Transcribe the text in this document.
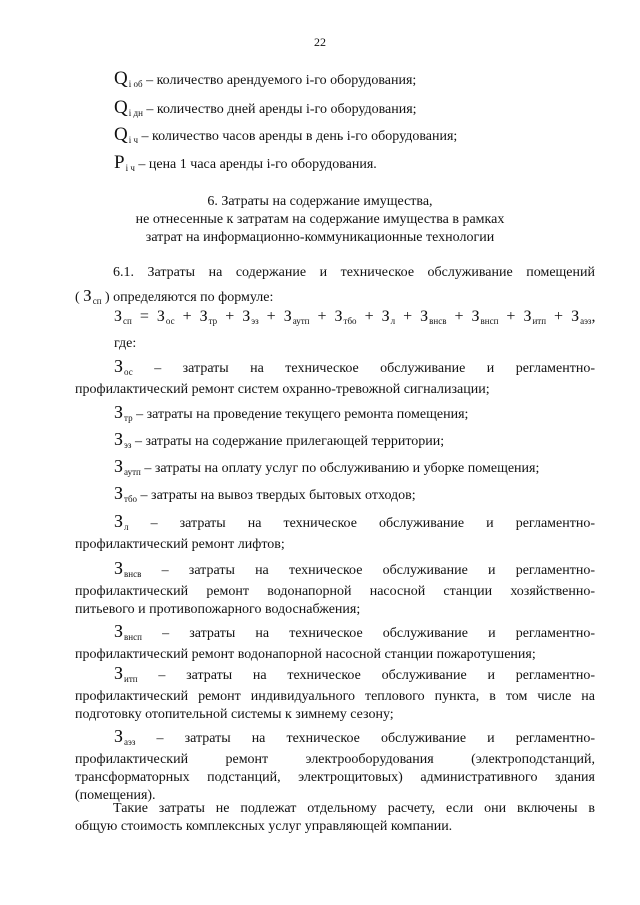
22
$Q_{i об}$ – количество арендуемого i-го оборудования;
$Q_{i дн}$ – количество дней аренды i-го оборудования;
$Q_{i ч}$ – количество часов аренды в день i-го оборудования;
$P_{i ч}$ – цена 1 часа аренды i-го оборудования.
6. Затраты на содержание имущества,
не отнесенные к затратам на содержание имущества в рамках
затрат на информационно-коммуникационные технологии
6.1. Затраты на содержание и техническое обслуживание помещений
( $З_{сп}$ ) определяются по формуле:
$З_{сп} = З_{ос} + З_{тр} + З_{эз} + З_{аутп} + З_{тбо} + З_л + З_{внсв} + З_{внсп} + З_{итп} + З_{аэз}$,
где:
$З_{ос}$ – затраты на техническое обслуживание и регламентно-
профилактический ремонт систем охранно-тревожной сигнализации;
$З_{тр}$ – затраты на проведение текущего ремонта помещения;
$З_{эз}$ – затраты на содержание прилегающей территории;
$З_{аутп}$ – затраты на оплату услуг по обслуживанию и уборке помещения;
$З_{тбо}$ – затраты на вывоз твердых бытовых отходов;
$З_л$ – затраты на техническое обслуживание и регламентно-
профилактический ремонт лифтов;
$З_{внсв}$ – затраты на техническое обслуживание и регламентно-
профилактический ремонт водонапорной насосной станции хозяйственно-
питьевого и противопожарного водоснабжения;
$З_{внсп}$ – затраты на техническое обслуживание и регламентно-
профилактический ремонт водонапорной насосной станции пожаротушения;
$З_{итп}$ – затраты на техническое обслуживание и регламентно-
профилактический ремонт индивидуального теплового пункта, в том числе на
подготовку отопительной системы к зимнему сезону;
$З_{аэз}$ – затраты на техническое обслуживание и регламентно-
профилактический ремонт электрооборудования (электроподстанций,
трансформаторных подстанций, электрощитовых) административного здания
(помещения).
Такие затраты не подлежат отдельному расчету, если они включены в
общую стоимость комплексных услуг управляющей компании.
